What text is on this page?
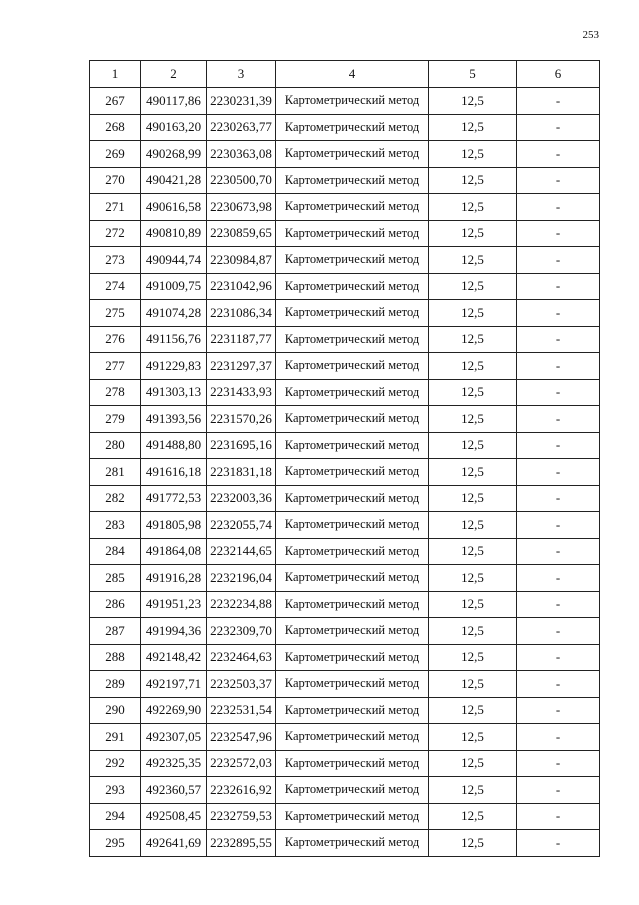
253
1	2	3	4	5	6
267	490117,86	2230231,39	Картометрический метод	12,5	-
268	490163,20	2230263,77	Картометрический метод	12,5	-
269	490268,99	2230363,08	Картометрический метод	12,5	-
270	490421,28	2230500,70	Картометрический метод	12,5	-
271	490616,58	2230673,98	Картометрический метод	12,5	-
272	490810,89	2230859,65	Картометрический метод	12,5	-
273	490944,74	2230984,87	Картометрический метод	12,5	-
274	491009,75	2231042,96	Картометрический метод	12,5	-
275	491074,28	2231086,34	Картометрический метод	12,5	-
276	491156,76	2231187,77	Картометрический метод	12,5	-
277	491229,83	2231297,37	Картометрический метод	12,5	-
278	491303,13	2231433,93	Картометрический метод	12,5	-
279	491393,56	2231570,26	Картометрический метод	12,5	-
280	491488,80	2231695,16	Картометрический метод	12,5	-
281	491616,18	2231831,18	Картометрический метод	12,5	-
282	491772,53	2232003,36	Картометрический метод	12,5	-
283	491805,98	2232055,74	Картометрический метод	12,5	-
284	491864,08	2232144,65	Картометрический метод	12,5	-
285	491916,28	2232196,04	Картометрический метод	12,5	-
286	491951,23	2232234,88	Картометрический метод	12,5	-
287	491994,36	2232309,70	Картометрический метод	12,5	-
288	492148,42	2232464,63	Картометрический метод	12,5	-
289	492197,71	2232503,37	Картометрический метод	12,5	-
290	492269,90	2232531,54	Картометрический метод	12,5	-
291	492307,05	2232547,96	Картометрический метод	12,5	-
292	492325,35	2232572,03	Картометрический метод	12,5	-
293	492360,57	2232616,92	Картометрический метод	12,5	-
294	492508,45	2232759,53	Картометрический метод	12,5	-
295	492641,69	2232895,55	Картометрический метод	12,5	-
